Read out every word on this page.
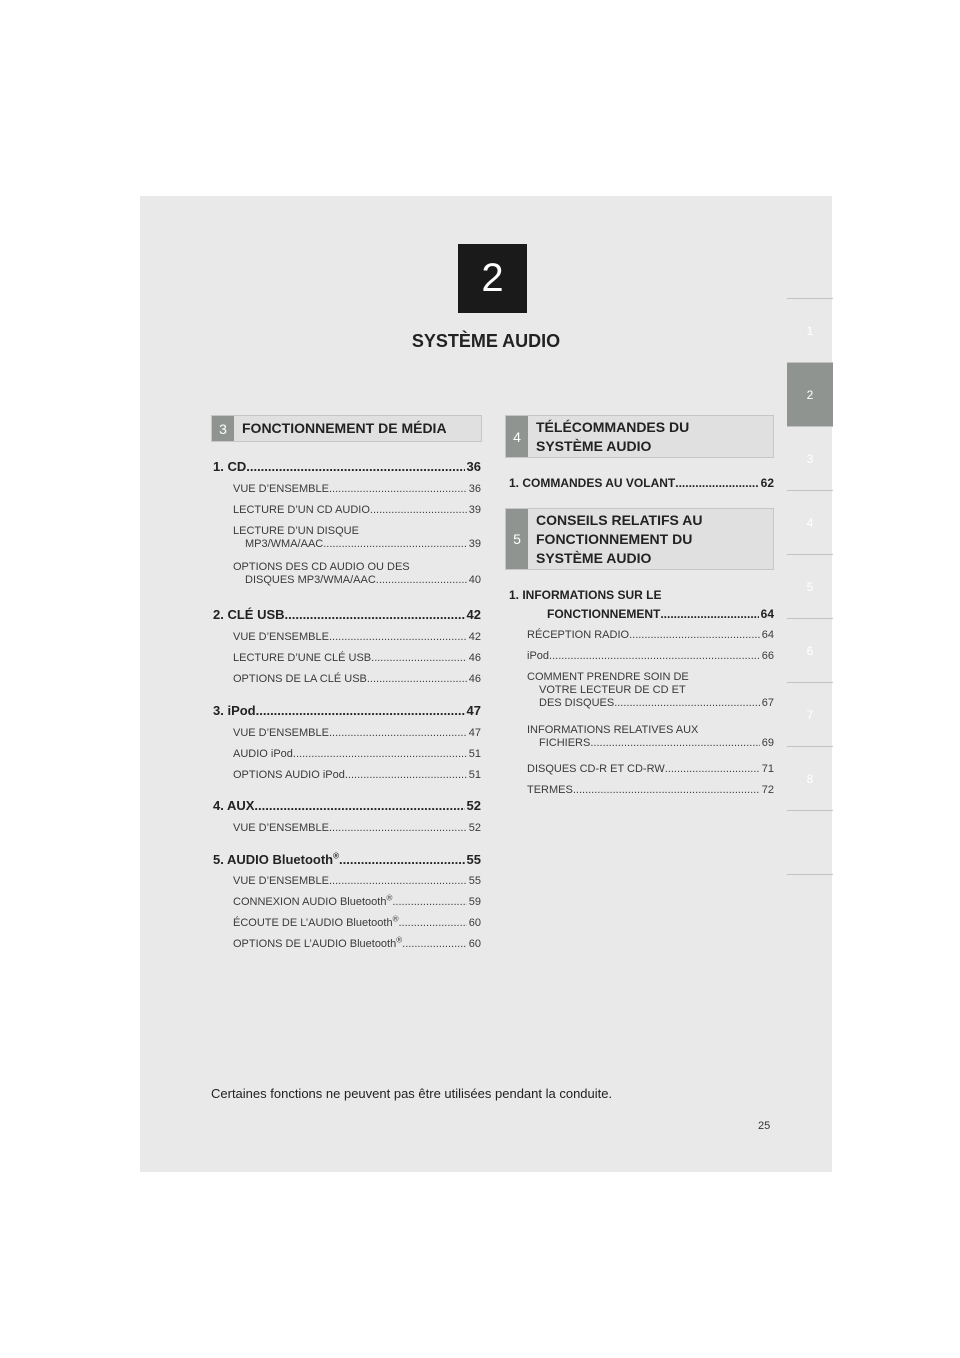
1
2
3
4
5
6
7
8
2
SYSTÈME AUDIO
3	FONCTIONNEMENT DE MÉDIA
4
TÉLÉCOMMANDES DU
SYSTÈME AUDIO
5
CONSEILS RELATIFS AU
FONCTIONNEMENT DU
SYSTÈME AUDIO
1. CD .....	36
VUE D’ENSEMBLE .....	36
LECTURE D’UN CD AUDIO .....	39
LECTURE D’UN DISQUE
MP3/WMA/AAC .....	39
OPTIONS DES CD AUDIO OU DES
DISQUES MP3/WMA/AAC .....	40
2. CLÉ USB .....	42
VUE D’ENSEMBLE .....	42
LECTURE D’UNE CLÉ USB .....	46
OPTIONS DE LA CLÉ USB .....	46
3. iPod .....	47
VUE D’ENSEMBLE .....	47
AUDIO iPod .....	51
OPTIONS AUDIO iPod .....	51
4. AUX .....	52
VUE D’ENSEMBLE .....	52
5. AUDIO Bluetooth® .....	55
VUE D’ENSEMBLE .....	55
CONNEXION AUDIO Bluetooth® .....	59
ÉCOUTE DE L’AUDIO Bluetooth® .....	60
OPTIONS DE L’AUDIO Bluetooth® .....	60
1. COMMANDES AU VOLANT .....	62
1. INFORMATIONS SUR LE
FONCTIONNEMENT .....	64
RÉCEPTION RADIO .....	64
iPod .....	66
COMMENT PRENDRE SOIN DE
VOTRE LECTEUR DE CD ET
DES DISQUES .....	67
INFORMATIONS RELATIVES AUX
FICHIERS .....	69
DISQUES CD-R ET CD-RW .....	71
TERMES .....	72
Certaines fonctions ne peuvent pas être utilisées pendant la conduite.
25
